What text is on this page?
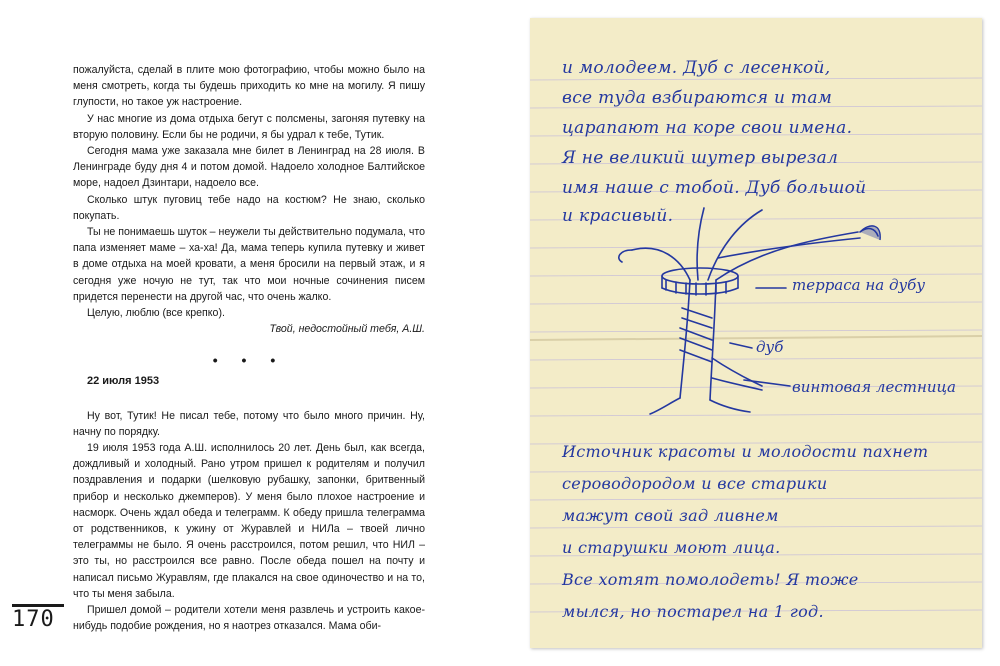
пожалуйста, сделай в плите мою фотографию, чтобы можно было на меня смотреть, когда ты будешь приходить ко мне на могилу. Я пишу глупости, но такое уж настроение.

У нас многие из дома отдыха бегут с полсмены, загоняя путевку на вторую половину. Если бы не родичи, я бы удрал к тебе, Тутик.

Сегодня мама уже заказала мне билет в Ленинград на 28 июля. В Ленинграде буду дня 4 и потом домой. Надоело холодное Балтийское море, надоел Дзинтари, надоело все.

Сколько штук пуговиц тебе надо на костюм? Не знаю, сколько покупать.

Ты не понимаешь шуток – неужели ты действительно подумала, что папа изменяет маме – ха-ха! Да, мама теперь купила путевку и живет в доме отдыха на моей кровати, а меня бросили на первый этаж, и я сегодня уже ночую не тут, так что мои ночные сочинения писем придется перенести на другой час, что очень жалко.

Целую, люблю (все крепко).

Твой, недостойный тебя, А.Ш.

• • •

22 июля 1953

Ну вот, Тутик! Не писал тебе, потому что было много причин. Ну, начну по порядку.

19 июля 1953 года А.Ш. исполнилось 20 лет. День был, как всегда, дождливый и холодный. Рано утром пришел к родителям и получил поздравления и подарки (шелковую рубашку, запонки, бритвенный прибор и несколько джемперов). У меня было плохое настроение и насморк. Очень ждал обеда и телеграмм. К обеду пришла телеграмма от родственников, к ужину от Журавлей и НИЛа – твоей лично телеграммы не было. Я очень расстроился, потом решил, что НИЛ – это ты, но расстроился все равно. После обеда пошел на почту и написал письмо Журавлям, где плакался на свое одиночество и на то, что ты меня забыла.

Пришел домой – родители хотели меня развлечь и устроить какое-нибудь подобие рождения, но я наотрез отказался. Мама оби-

170
и молодеем. Дуб с лесенкой,
все туда взбираются и там
царапают на коре свои имена.
Я не великий шутер вырезал
имя наше с тобой. Дуб большой
и красивый.
терраса на дубу
дуб
винтовая лестница
Источник красоты и молодости пахнет
сероводородом и все старики
мажут свой зад ливнем
и старушки моют лица.
Все хотят помолодеть! Я тоже
мылся, но постарел на 1 год.
